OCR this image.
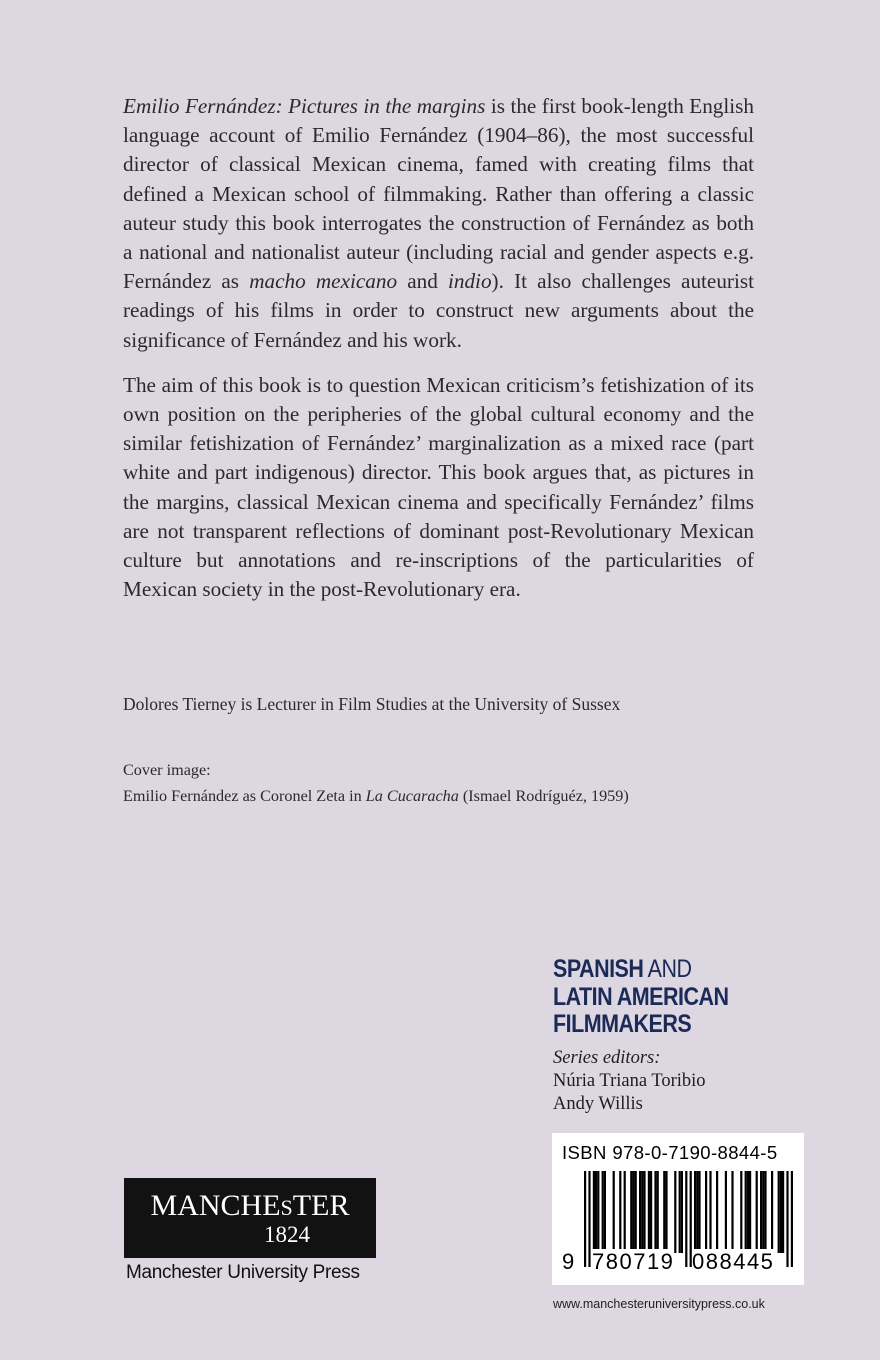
Emilio Fernández: Pictures in the margins is the first book-length English language account of Emilio Fernández (1904–86), the most successful director of classical Mexican cinema, famed with creating films that defined a Mexican school of filmmaking. Rather than offering a classic auteur study this book interrogates the construction of Fernández as both a national and nationalist auteur (including racial and gender aspects e.g. Fernández as macho mexicano and indio). It also challenges auteurist readings of his films in order to construct new arguments about the significance of Fernández and his work.

The aim of this book is to question Mexican criticism’s fetishization of its own position on the peripheries of the global cultural economy and the similar fetishization of Fernández’ marginalization as a mixed race (part white and part indigenous) director. This book argues that, as pictures in the margins, classical Mexican cinema and specifically Fernández’ films are not transparent reflections of dominant post-Revolutionary Mexican culture but annotations and re-inscriptions of the particularities of Mexican society in the post-Revolutionary era.

Dolores Tierney is Lecturer in Film Studies at the University of Sussex
Cover image:
Emilio Fernández as Coronel Zeta in La Cucaracha (Ismael Rodríguéz, 1959)
SPANISH AND
LATIN AMERICAN
FILMMAKERS
Series editors:
Núria Triana Toribio
Andy Willis
ISBN 978-0-7190-8844-5
9 780719 088445
MANCHESTER
1824
Manchester University Press
www.manchesteruniversitypress.co.uk
